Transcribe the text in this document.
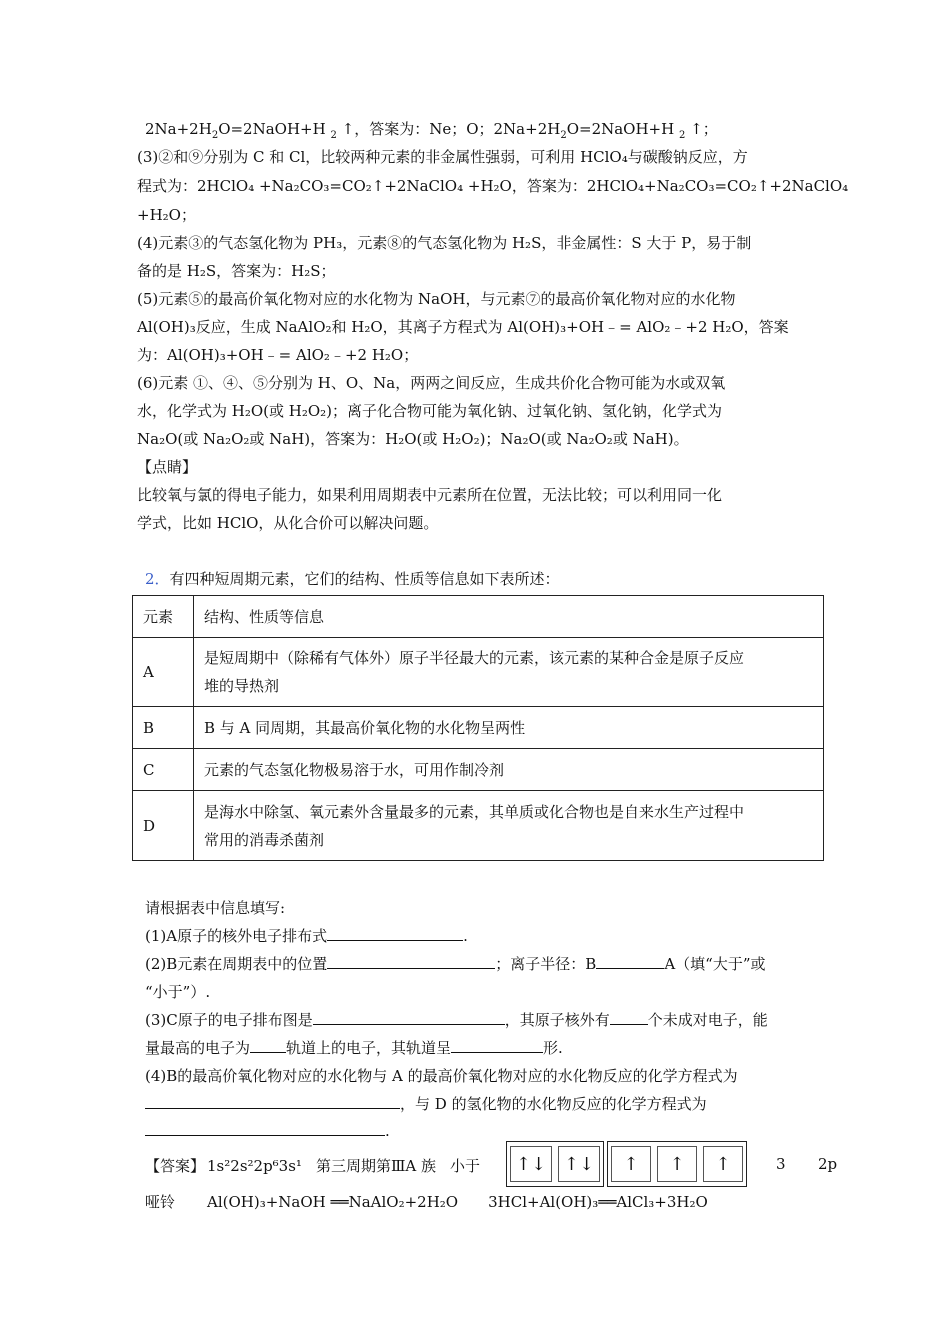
$2Na+2H_2O=2NaOH+H$ $_2$ ↑，答案为：Ne；O；$2Na+2H_2O=2NaOH+H$ $_2$ ↑；
(3)②和⑨分别为 C 和 Cl，比较两种元素的非金属性强弱，可利用 HClO₄与碳酸钠反应，方
程式为：2HClO₄ +Na₂CO₃=CO₂↑+2NaClO₄ +H₂O，答案为：2HClO₄+Na₂CO₃=CO₂↑+2NaClO₄
+H₂O；
(4)元素③的气态氢化物为 PH₃，元素⑧的气态氢化物为 H₂S，非金属性：S 大于 P，易于制
备的是 H₂S，答案为：H₂S；
(5)元素⑤的最高价氧化物对应的水化物为 NaOH，与元素⑦的最高价氧化物对应的水化物
Al(OH)₃反应，生成 NaAlO₂和 H₂O，其离子方程式为 Al(OH)₃+OH﹣= AlO₂﹣+2 H₂O，答案
为：Al(OH)₃+OH﹣= AlO₂﹣+2 H₂O；
(6)元素 ①、④、⑤分别为 H、O、Na，两两之间反应，生成共价化合物可能为水或双氧
水，化学式为 H₂O(或 H₂O₂)；离子化合物可能为氧化钠、过氧化钠、氢化钠，化学式为
Na₂O(或 Na₂O₂或 NaH)，答案为：H₂O(或 H₂O₂)；Na₂O(或 Na₂O₂或 NaH)。
【点睛】
比较氧与氯的得电子能力，如果利用周期表中元素所在位置，无法比较；可以利用同一化
学式，比如 HClO，从化合价可以解决问题。
2．有四种短周期元素，它们的结构、性质等信息如下表所述：
元素	结构、性质等信息
A	是短周期中（除稀有气体外）原子半径最大的元素，该元素的某种合金是原子反应
堆的导热剂

B	B 与 A 同周期，其最高价氧化物的水化物呈两性
C	元素的气态氢化物极易溶于水，可用作制冷剂
D	是海水中除氢、氧元素外含量最多的元素，其单质或化合物也是自来水生产过程中
常用的消毒杀菌剂
请根据表中信息填写:
(1)A原子的核外电子排布式	.
(2)B元素在周期表中的位置	；离子半径：B	A（填“大于”或
“小于”）.
(3)C原子的电子排布图是	，其原子核外有	个未成对电子，能
量最高的电子为 轨道上的电子，其轨道呈	形.
(4)B的最高价氧化物对应的水化物与 A 的最高价氧化物对应的水化物反应的化学方程式为
，与 D 的氢化物的水化物反应的化学方程式为
.
【答案】 1s²2s²2p⁶3s¹ 第三周期第ⅢA 族 小于	↑↓ ↑↓	↑	↑	↑	3 2p
哑铃 Al(OH)₃+NaOH ══NaAlO₂+2H₂O 3HCl+Al(OH)₃══AlCl₃+3H₂O
